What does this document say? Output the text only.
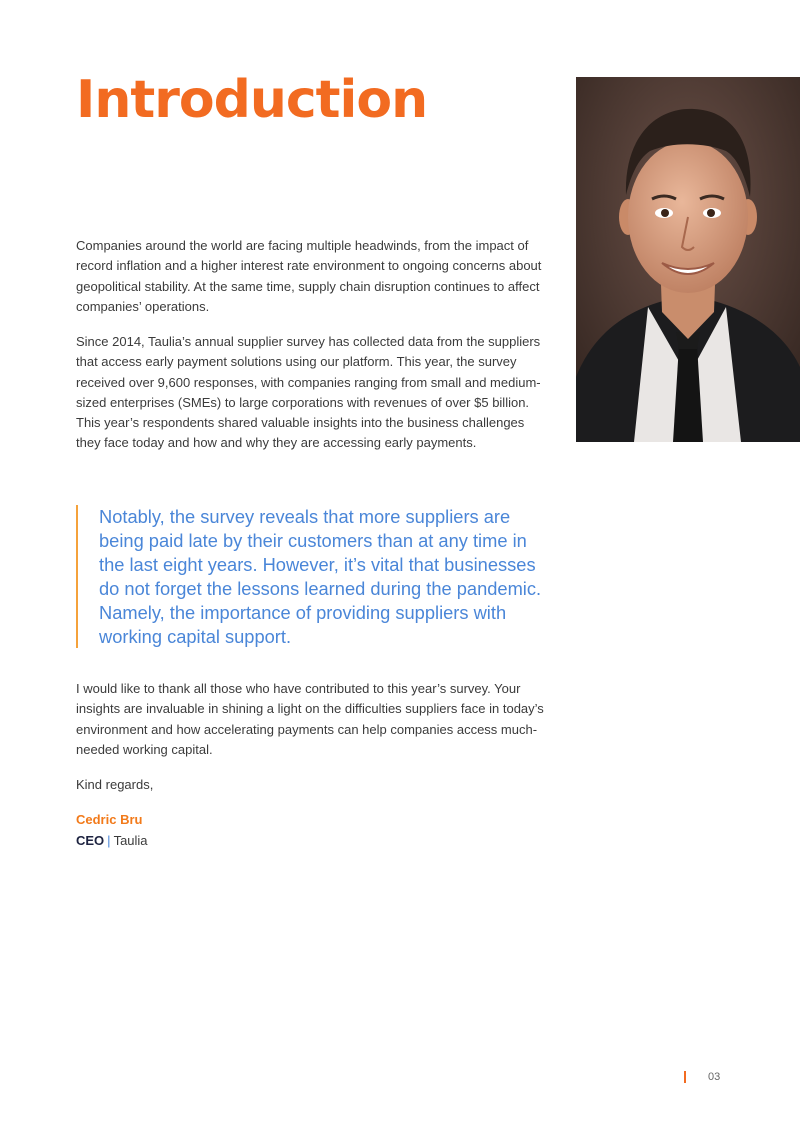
Introduction

Companies around the world are facing multiple headwinds, from the impact of record inflation and a higher interest rate environment to ongoing concerns about geopolitical stability. At the same time, supply chain disruption continues to affect companies’ operations.

Since 2014, Taulia’s annual supplier survey has collected data from the suppliers that access early payment solutions using our platform. This year, the survey received over 9,600 responses, with companies ranging from small and medium-sized enterprises (SMEs) to large corporations with revenues of over $5 billion. This year’s respondents shared valuable insights into the business challenges they face today and how and why they are accessing early payments.

Notably, the survey reveals that more suppliers are being paid late by their customers than at any time in the last eight years. However, it’s vital that businesses do not forget the lessons learned during the pandemic. Namely, the importance of providing suppliers with working capital support.

I would like to thank all those who have contributed to this year’s survey. Your insights are invaluable in shining a light on the difficulties suppliers face in today’s environment and how accelerating payments can help companies access much-needed working capital.

Kind regards,

Cedric Bru

CEO | Taulia

03
